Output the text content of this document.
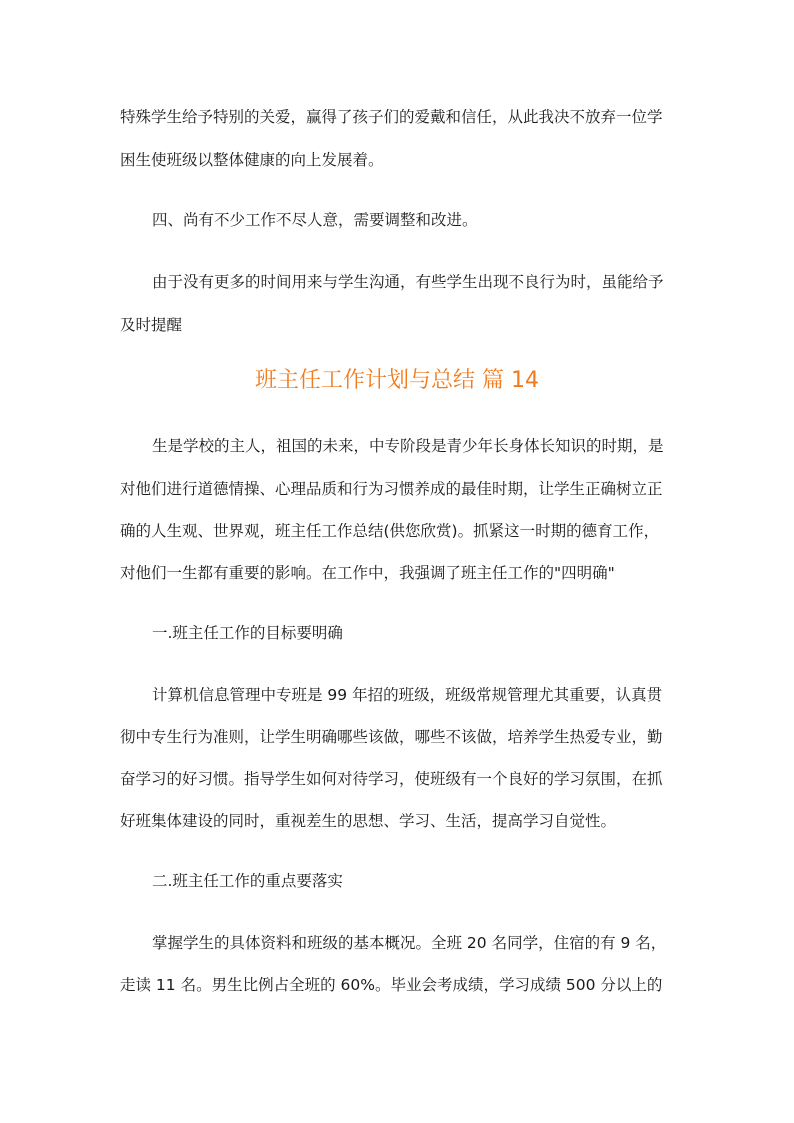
特殊学生给予特别的关爱，赢得了孩子们的爱戴和信任，从此我决不放弃一位学

困生使班级以整体健康的向上发展着。

四、尚有不少工作不尽人意，需要调整和改进。

由于没有更多的时间用来与学生沟通，有些学生出现不良行为时，虽能给予

及时提醒

班主任工作计划与总结 篇 14

生是学校的主人，祖国的未来，中专阶段是青少年长身体长知识的时期，是

对他们进行道德情操、心理品质和行为习惯养成的最佳时期，让学生正确树立正

确的人生观、世界观，班主任工作总结(供您欣赏)。抓紧这一时期的德育工作，

对他们一生都有重要的影响。在工作中，我强调了班主任工作的"四明确"

一.班主任工作的目标要明确

计算机信息管理中专班是 99 年招的班级，班级常规管理尤其重要，认真贯

彻中专生行为准则，让学生明确哪些该做，哪些不该做，培养学生热爱专业，勤

奋学习的好习惯。指导学生如何对待学习，使班级有一个良好的学习氛围，在抓

好班集体建设的同时，重视差生的思想、学习、生活，提高学习自觉性。

二.班主任工作的重点要落实

掌握学生的具体资料和班级的基本概况。全班 20 名同学，住宿的有 9 名，

走读 11 名。男生比例占全班的 60%。毕业会考成绩，学习成绩 500 分以上的
